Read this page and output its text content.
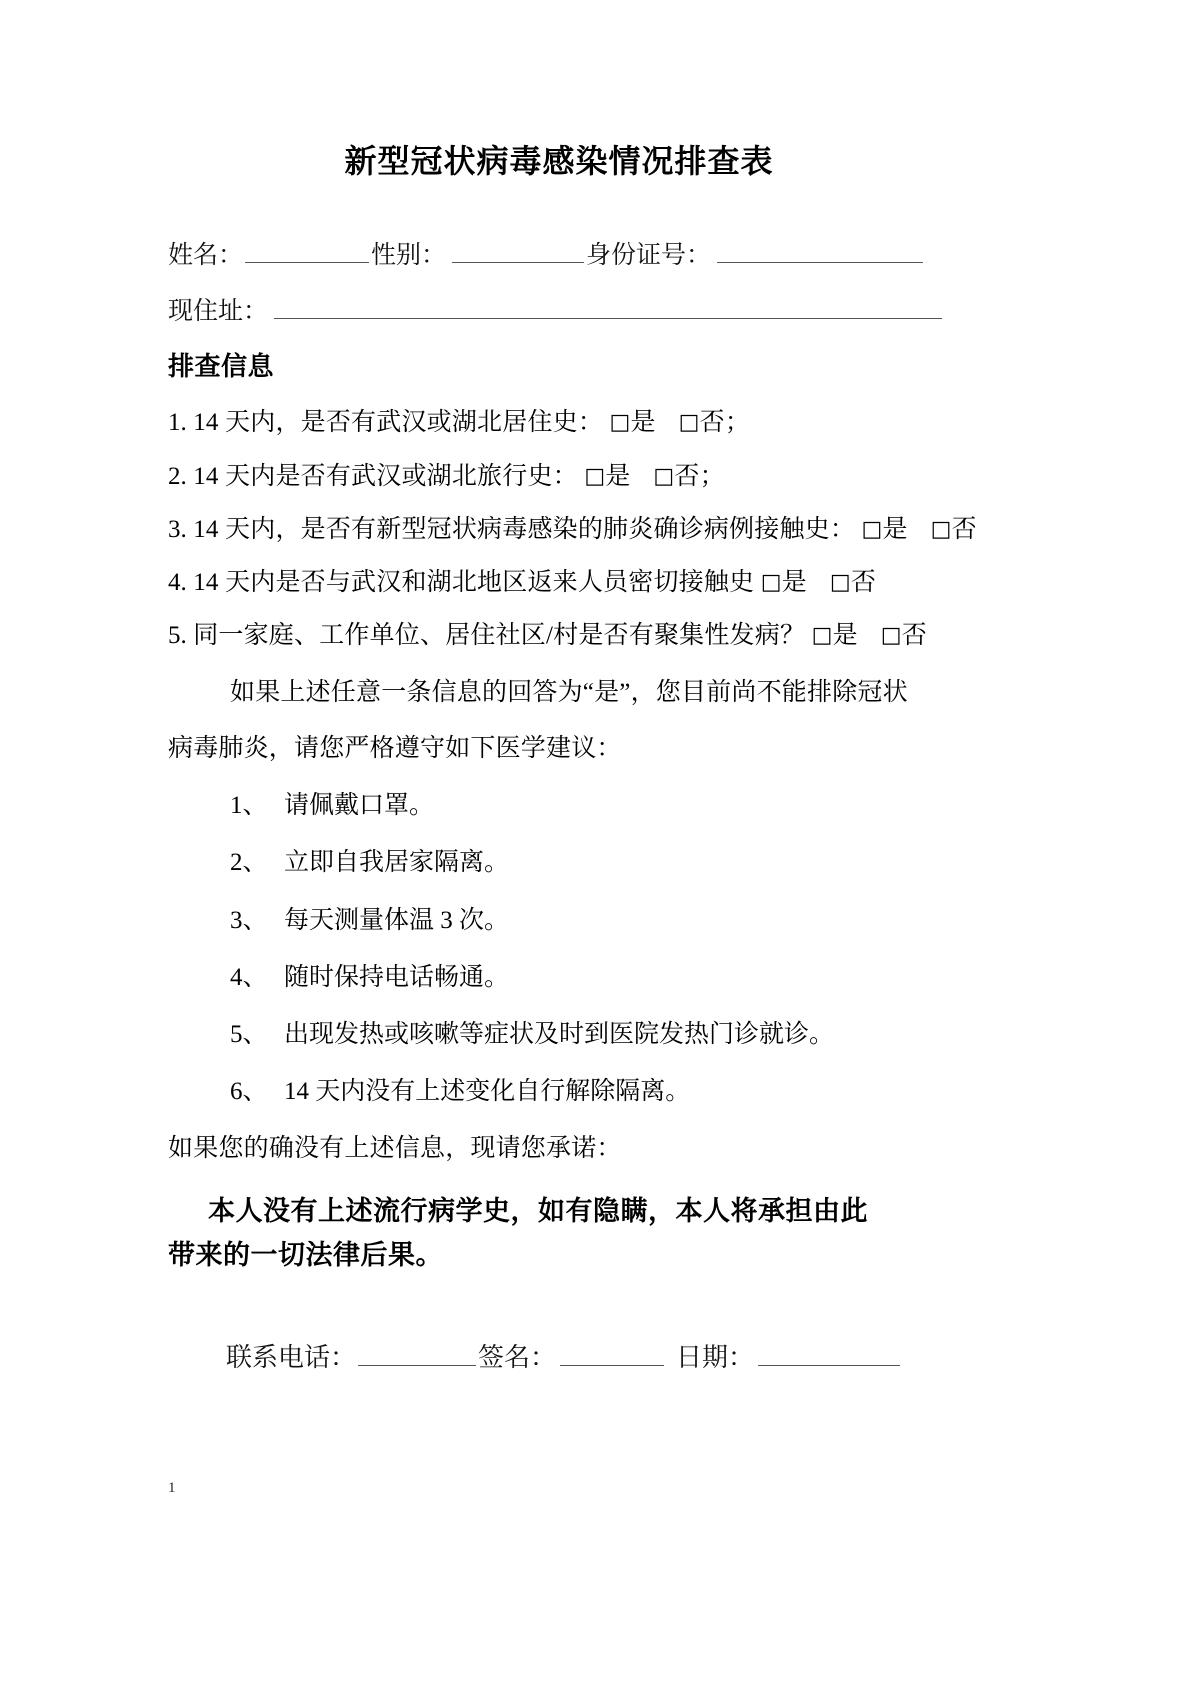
新型冠状病毒感染情况排查表
姓名：	性别：	身份证号：
现住址：
排查信息
1. 14 天内，是否有武汉或湖北居住史： □是 □否；
2. 14 天内是否有武汉或湖北旅行史： □是 □否；
3. 14 天内，是否有新型冠状病毒感染的肺炎确诊病例接触史： □是 □否
4. 14 天内是否与武汉和湖北地区返来人员密切接触史 □是 □否
5. 同一家庭、工作单位、居住社区/村是否有聚集性发病？ □是 □否
如果上述任意一条信息的回答为“是”，您目前尚不能排除冠状
病毒肺炎，请您严格遵守如下医学建议：
1、 请佩戴口罩。
2、 立即自我居家隔离。
3、 每天测量体温 3 次。
4、 随时保持电话畅通。
5、 出现发热或咳嗽等症状及时到医院发热门诊就诊。
6、 14 天内没有上述变化自行解除隔离。
如果您的确没有上述信息，现请您承诺：
本人没有上述流行病学史，如有隐瞒，本人将承担由此
带来的一切法律后果。
联系电话：	签名：	日期：
1
